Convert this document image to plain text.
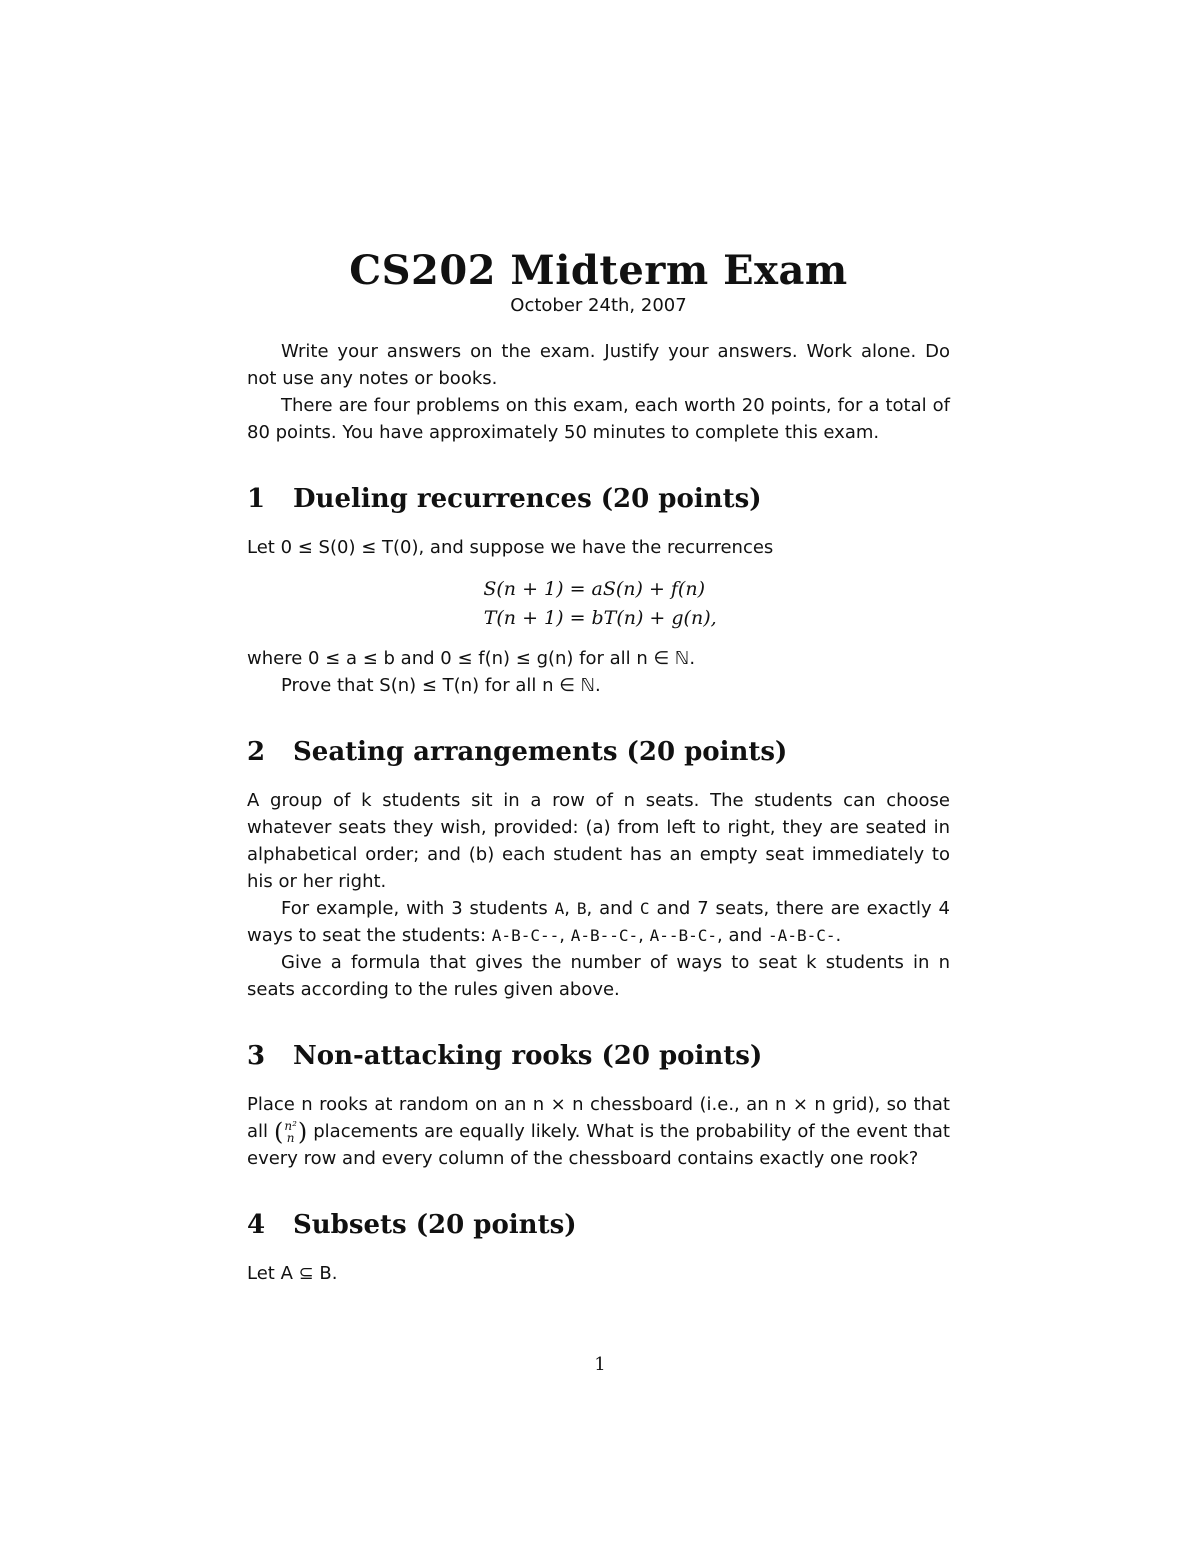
CS202 Midterm Exam
October 24th, 2007

Write your answers on the exam. Justify your answers. Work alone. Do not use any notes or books.

There are four problems on this exam, each worth 20 points, for a total of 80 points. You have approximately 50 minutes to complete this exam.

1 Dueling recurrences (20 points)

Let 0 ≤ S(0) ≤ T(0), and suppose we have the recurrences

S(n + 1) = aS(n) + f(n)
T(n + 1) = bT(n) + g(n),

where 0 ≤ a ≤ b and 0 ≤ f(n) ≤ g(n) for all n ∈ ℕ.

Prove that S(n) ≤ T(n) for all n ∈ ℕ.

2 Seating arrangements (20 points)

A group of k students sit in a row of n seats. The students can choose whatever seats they wish, provided: (a) from left to right, they are seated in alphabetical order; and (b) each student has an empty seat immediately to his or her right.

For example, with 3 students A, B, and C and 7 seats, there are exactly 4 ways to seat the students: A-B-C--, A-B--C-, A--B-C-, and -A-B-C-.

Give a formula that gives the number of ways to seat k students in n seats according to the rules given above.

3 Non-attacking rooks (20 points)

Place n rooks at random on an n × n chessboard (i.e., an n × n grid), so that all ( n²
n ) placements are equally likely. What is the probability of the event that every row and every column of the chessboard contains exactly one rook?

4 Subsets (20 points)

Let A ⊆ B.

1
